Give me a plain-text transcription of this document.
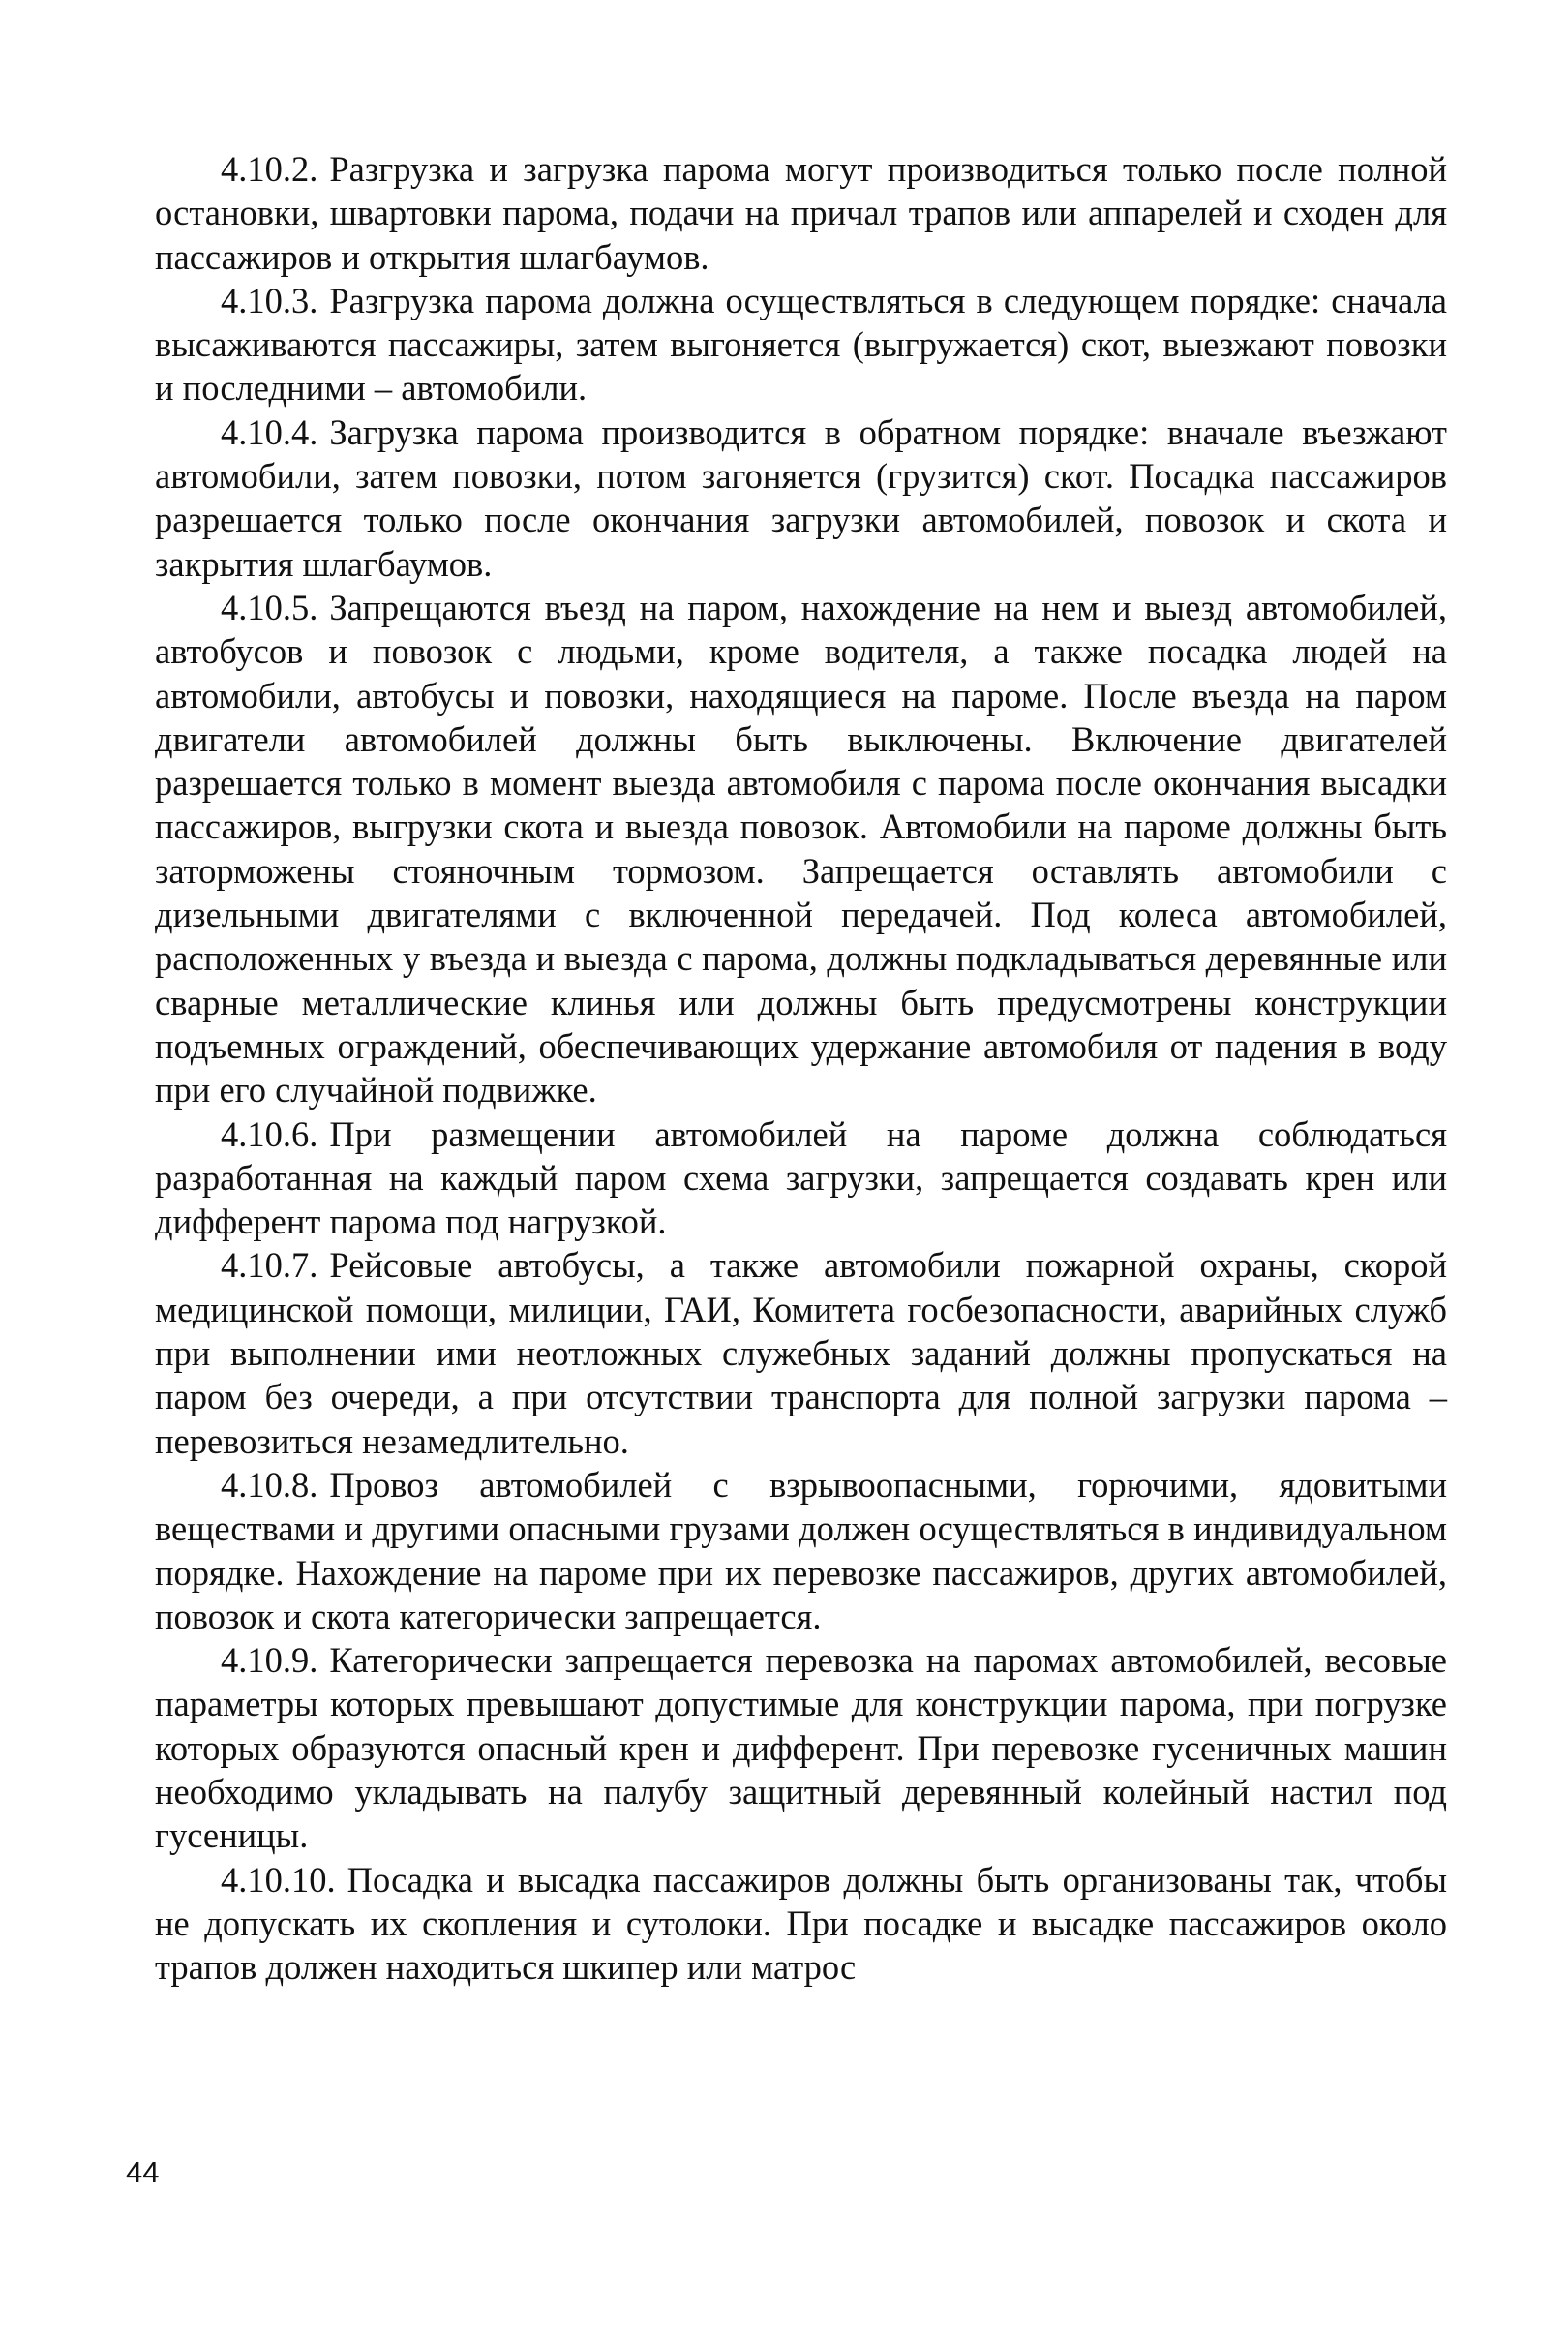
4.10.2. Разгрузка и загрузка парома могут производиться только после полной остановки, швартовки парома, подачи на причал трапов или аппарелей и сходен для пассажиров и открытия шлагбаумов.

4.10.3. Разгрузка парома должна осуществляться в следующем порядке: сначала высаживаются пассажиры, затем выгоняется (выгружается) скот, выезжают повозки и последними – автомобили.

4.10.4. Загрузка парома производится в обратном порядке: вначале въезжают автомобили, затем повозки, потом загоняется (грузится) скот. Посадка пассажиров разрешается только после окончания загрузки автомобилей, повозок и скота и закрытия шлагбаумов.

4.10.5. Запрещаются въезд на паром, нахождение на нем и выезд автомобилей, автобусов и повозок с людьми, кроме водителя, а также посадка людей на автомобили, автобусы и повозки, находящиеся на пароме. После въезда на паром двигатели автомобилей должны быть выключены. Включение двигателей разрешается только в момент выезда автомобиля с парома после окончания высадки пассажиров, выгрузки скота и выезда повозок. Автомобили на пароме должны быть заторможены стояночным тормозом. Запрещается оставлять автомобили с дизельными двигателями с включенной передачей. Под колеса автомобилей, расположенных у въезда и выезда с парома, должны подкладываться деревянные или сварные металлические клинья или должны быть предусмотрены конструкции подъемных ограждений, обеспечивающих удержание автомобиля от падения в воду при его случайной подвижке.

4.10.6. При размещении автомобилей на пароме должна соблюдаться разработанная на каждый паром схема загрузки, запрещается создавать крен или дифферент парома под нагрузкой.

4.10.7. Рейсовые автобусы, а также автомобили пожарной охраны, скорой медицинской помощи, милиции, ГАИ, Комитета госбезопасности, аварийных служб при выполнении ими неотложных служебных заданий должны пропускаться на паром без очереди, а при отсутствии транспорта для полной загрузки парома – перевозиться незамедлительно.

4.10.8. Провоз автомобилей с взрывоопасными, горючими, ядовитыми веществами и другими опасными грузами должен осуществляться в индивидуальном порядке. Нахождение на пароме при их перевозке пассажиров, других автомобилей, повозок и скота категорически запрещается.

4.10.9. Категорически запрещается перевозка на паромах автомобилей, весовые параметры которых превышают допустимые для конструкции парома, при погрузке которых образуются опасный крен и дифферент. При перевозке гусеничных машин необходимо укладывать на палубу защитный деревянный колейный настил под гусеницы.

4.10.10. Посадка и высадка пассажиров должны быть организованы так, чтобы не допускать их скопления и сутолоки. При посадке и высадке пассажиров около трапов должен находиться шкипер или матрос

44
